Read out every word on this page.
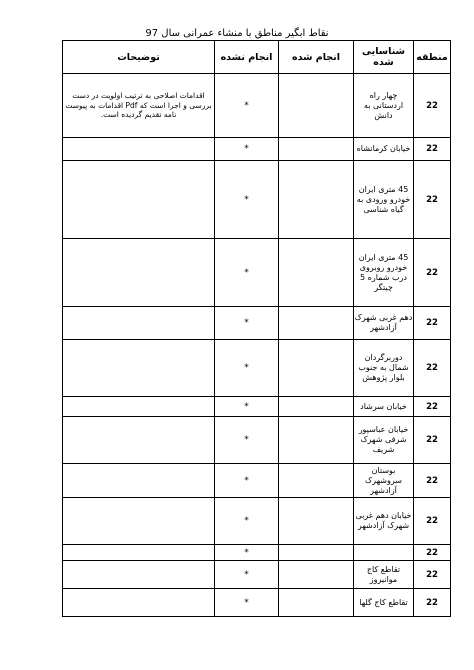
نقاط ابگیر مناطق با منشاء عمرانی سال 97
منطقه	شناسایی شده	انجام شده	انجام نشده	توضیحات
22	چهار راه اردستانی به دانش		*	اقدامات اصلاحی به ترتیب اولویت در دست بررسی و اجرا است که Pdf اقدامات به پیوست نامه تقدیم گردیده است.
22	خیابان کرمانشاه		*	
22	45 متری ایران خودرو ورودی به گیاه شناسی		*	
22	45 متری ایران خودرو روبروی درب شماره 5 چیتگر		*	
22	دهم غربی شهرک آزادشهر		*	
22	دوربرگردان شمال به جنوب بلوار پژوهش		*	
22	خیابان سرشاد		*	
22	خیابان عباسپور شرقی شهرک شریف		*	
22	بوستان سروشهرک آزادشهر		*	
22	خیابان دهم غربی شهرک آزادشهر		*	
22			*	
22	تقاطع کاج موانیروز		*	
22	تقاطع کاج گلها		*	
